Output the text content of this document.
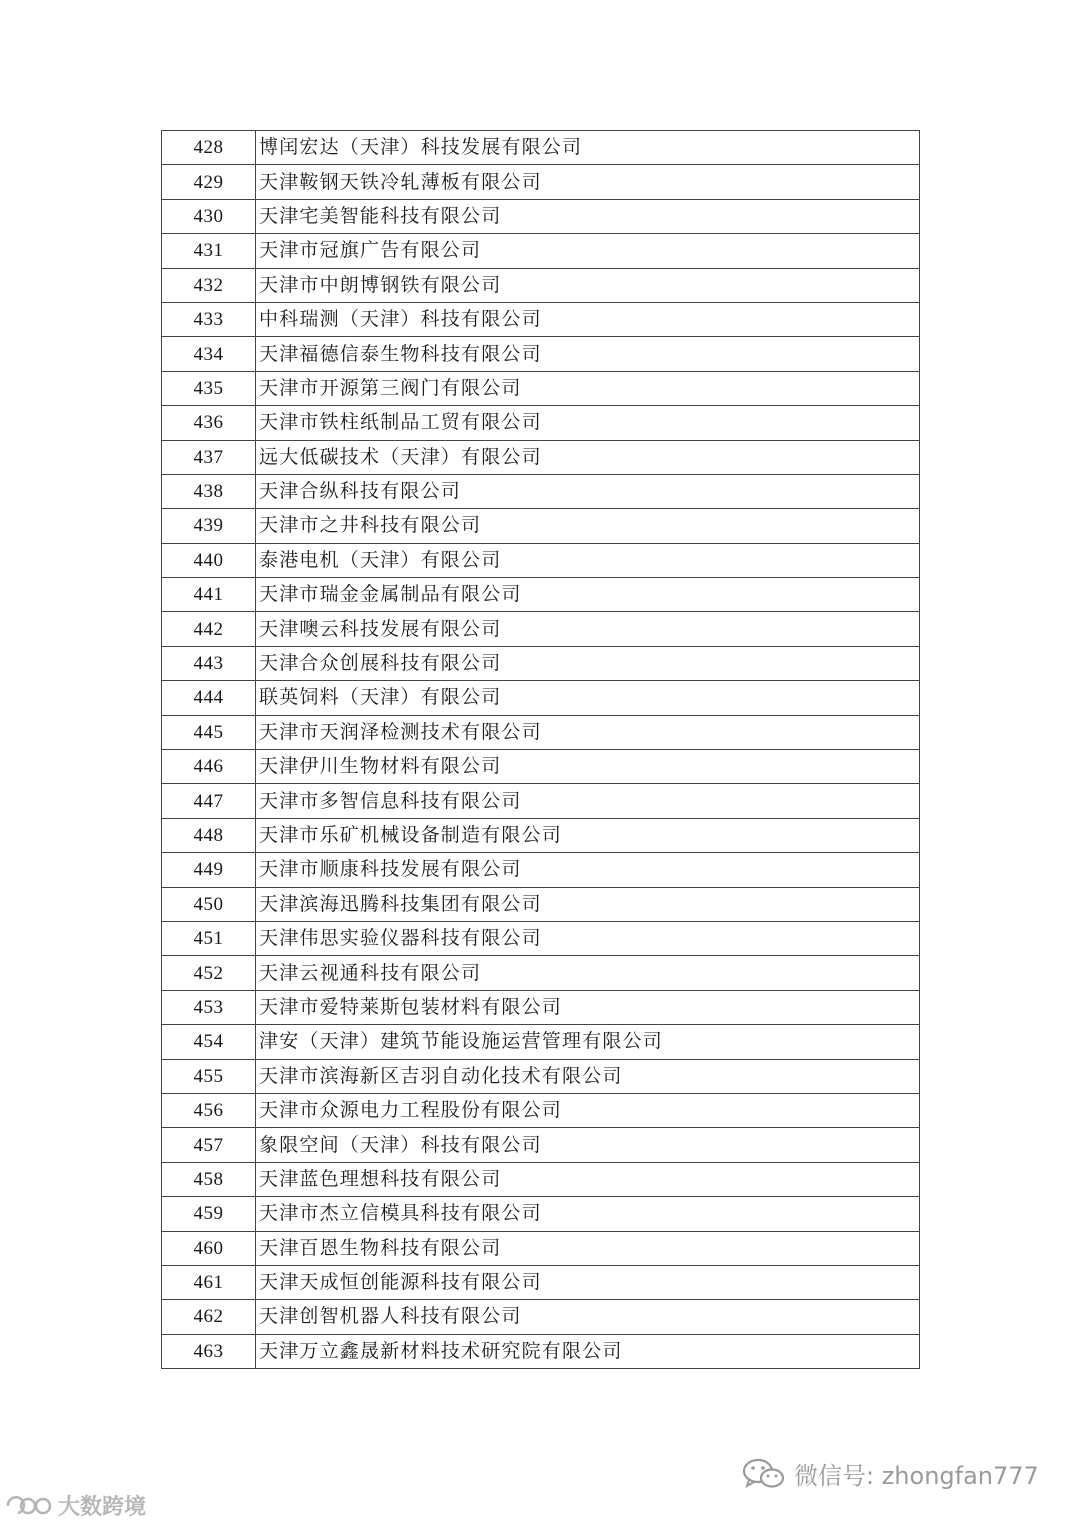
428	博闰宏达（天津）科技发展有限公司
429	天津鞍钢天铁冷轧薄板有限公司
430	天津宅美智能科技有限公司
431	天津市冠旗广告有限公司
432	天津市中朗博钢铁有限公司
433	中科瑞测（天津）科技有限公司
434	天津福德信泰生物科技有限公司
435	天津市开源第三阀门有限公司
436	天津市铁柱纸制品工贸有限公司
437	远大低碳技术（天津）有限公司
438	天津合纵科技有限公司
439	天津市之井科技有限公司
440	泰港电机（天津）有限公司
441	天津市瑞金金属制品有限公司
442	天津噢云科技发展有限公司
443	天津合众创展科技有限公司
444	联英饲料（天津）有限公司
445	天津市天润泽检测技术有限公司
446	天津伊川生物材料有限公司
447	天津市多智信息科技有限公司
448	天津市乐矿机械设备制造有限公司
449	天津市顺康科技发展有限公司
450	天津滨海迅腾科技集团有限公司
451	天津伟思实验仪器科技有限公司
452	天津云视通科技有限公司
453	天津市爱特莱斯包装材料有限公司
454	津安（天津）建筑节能设施运营管理有限公司
455	天津市滨海新区吉羽自动化技术有限公司
456	天津市众源电力工程股份有限公司
457	象限空间（天津）科技有限公司
458	天津蓝色理想科技有限公司
459	天津市杰立信模具科技有限公司
460	天津百恩生物科技有限公司
461	天津天成恒创能源科技有限公司
462	天津创智机器人科技有限公司
463	天津万立鑫晟新材料技术研究院有限公司
微信号: zhongfan777
大数跨境
